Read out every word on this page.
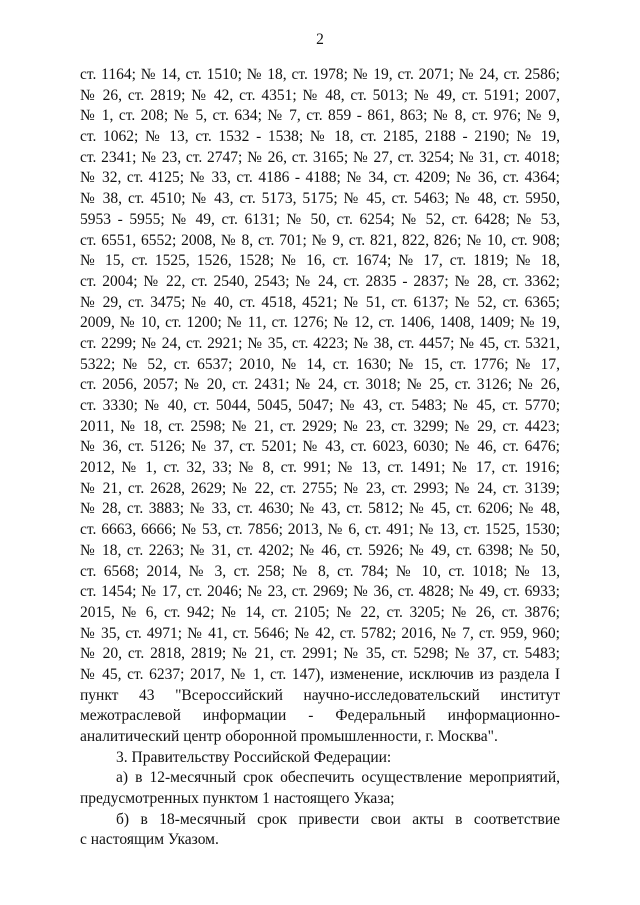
2
ст. 1164; № 14, ст. 1510; № 18, ст. 1978; № 19, ст. 2071; № 24, ст. 2586;
№ 26, ст. 2819; № 42, ст. 4351; № 48, ст. 5013; № 49, ст. 5191; 2007,
№ 1, ст. 208; № 5, ст. 634; № 7, ст. 859 - 861, 863; № 8, ст. 976; № 9,
ст. 1062; № 13, ст. 1532 - 1538; № 18, ст. 2185, 2188 - 2190; № 19,
ст. 2341; № 23, ст. 2747; № 26, ст. 3165; № 27, ст. 3254; № 31, ст. 4018;
№ 32, ст. 4125; № 33, ст. 4186 - 4188; № 34, ст. 4209; № 36, ст. 4364;
№ 38, ст. 4510; № 43, ст. 5173, 5175; № 45, ст. 5463; № 48, ст. 5950,
5953 - 5955; № 49, ст. 6131; № 50, ст. 6254; № 52, ст. 6428; № 53,
ст. 6551, 6552; 2008, № 8, ст. 701; № 9, ст. 821, 822, 826; № 10, ст. 908;
№ 15, ст. 1525, 1526, 1528; № 16, ст. 1674; № 17, ст. 1819; № 18,
ст. 2004; № 22, ст. 2540, 2543; № 24, ст. 2835 - 2837; № 28, ст. 3362;
№ 29, ст. 3475; № 40, ст. 4518, 4521; № 51, ст. 6137; № 52, ст. 6365;
2009, № 10, ст. 1200; № 11, ст. 1276; № 12, ст. 1406, 1408, 1409; № 19,
ст. 2299; № 24, ст. 2921; № 35, ст. 4223; № 38, ст. 4457; № 45, ст. 5321,
5322; № 52, ст. 6537; 2010, № 14, ст. 1630; № 15, ст. 1776; № 17,
ст. 2056, 2057; № 20, ст. 2431; № 24, ст. 3018; № 25, ст. 3126; № 26,
ст. 3330; № 40, ст. 5044, 5045, 5047; № 43, ст. 5483; № 45, ст. 5770;
2011, № 18, ст. 2598; № 21, ст. 2929; № 23, ст. 3299; № 29, ст. 4423;
№ 36, ст. 5126; № 37, ст. 5201; № 43, ст. 6023, 6030; № 46, ст. 6476;
2012, № 1, ст. 32, 33; № 8, ст. 991; № 13, ст. 1491; № 17, ст. 1916;
№ 21, ст. 2628, 2629; № 22, ст. 2755; № 23, ст. 2993; № 24, ст. 3139;
№ 28, ст. 3883; № 33, ст. 4630; № 43, ст. 5812; № 45, ст. 6206; № 48,
ст. 6663, 6666; № 53, ст. 7856; 2013, № 6, ст. 491; № 13, ст. 1525, 1530;
№ 18, ст. 2263; № 31, ст. 4202; № 46, ст. 5926; № 49, ст. 6398; № 50,
ст. 6568; 2014, № 3, ст. 258; № 8, ст. 784; № 10, ст. 1018; № 13,
ст. 1454; № 17, ст. 2046; № 23, ст. 2969; № 36, ст. 4828; № 49, ст. 6933;
2015, № 6, ст. 942; № 14, ст. 2105; № 22, ст. 3205; № 26, ст. 3876;
№ 35, ст. 4971; № 41, ст. 5646; № 42, ст. 5782; 2016, № 7, ст. 959, 960;
№ 20, ст. 2818, 2819; № 21, ст. 2991; № 35, ст. 5298; № 37, ст. 5483;
№ 45, ст. 6237; 2017, № 1, ст. 147), изменение, исключив из раздела I
пункт 43 "Всероссийский научно-исследовательский институт
межотраслевой информации - Федеральный информационно-
аналитический центр оборонной промышленности, г. Москва".
3. Правительству Российской Федерации:
а) в 12-месячный срок обеспечить осуществление мероприятий,
предусмотренных пунктом 1 настоящего Указа;
б) в 18-месячный срок привести свои акты в соответствие
с настоящим Указом.
